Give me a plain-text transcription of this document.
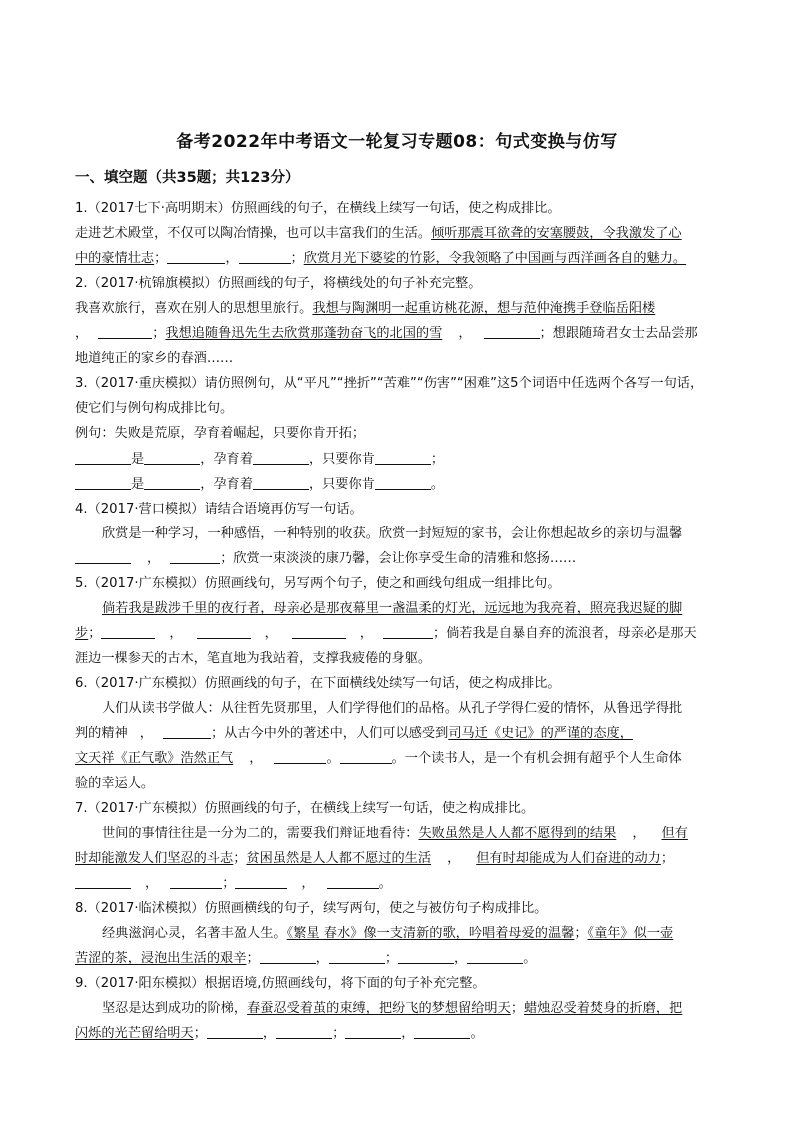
备考2022年中考语文一轮复习专题08：句式变换与仿写
一、填空题（共35题；共123分）
1.（2017七下·高明期末）仿照画线的句子，在横线上续写一句话，使之构成排比。
走进艺术殿堂，不仅可以陶冶情操，也可以丰富我们的生活。倾听那震耳欲聋的安塞腰鼓，令我激发了心
中的豪情壮志；	，	；欣赏月光下婆娑的竹影，令我领略了中国画与西洋画各自的魅力。
2.（2017·杭锦旗模拟）仿照画线的句子，将横线处的句子补充完整。
我喜欢旅行，喜欢在别人的思想里旅行。我想与陶渊明一起重访桃花源，想与范仲淹携手登临岳阳楼
，	；我想追随鲁迅先生去欣赏那蓬勃奋飞的北国的雪 ，	；想跟随琦君女士去品尝那
地道纯正的家乡的春酒……
3.（2017·重庆模拟）请仿照例句，从“平凡”“挫折”“苦难”“伤害”“困难”这5个词语中任选两个各写一句话，
使它们与例句构成排比句。
例句：失败是荒原，孕育着崛起，只要你肯开拓；
是	，孕育着	，只要你肯	；
是	，孕育着	，只要你肯	。
4.（2017·营口模拟）请结合语境再仿写一句话。
欣赏是一种学习，一种感悟，一种特别的收获。欣赏一封短短的家书，会让你想起故乡的亲切与温馨
，	；欣赏一束淡淡的康乃馨，会让你享受生命的清雅和悠扬……
5.（2017·广东模拟）仿照画线句，另写两个句子，使之和画线句组成一组排比句。
倘若我是跋涉千里的夜行者，母亲必是那夜幕里一盏温柔的灯光，远远地为我亮着，照亮我迟疑的脚
步；	，	，	，	；倘若我是自暴自弃的流浪者，母亲必是那天
涯边一棵参天的古木，笔直地为我站着，支撑我疲倦的身躯。
6.（2017·广东模拟）仿照画线的句子，在下面横线处续写一句话，使之构成排比。
人们从读书学做人：从往哲先贤那里，人们学得他们的品格。从孔子学得仁爱的情怀，从鲁迅学得批
判的精神 ，	；从古今中外的著述中，人们可以感受到司马迁《史记》的严谨的态度，
文天祥《正气歌》浩然正气 ，	。	。一个读书人，是一个有机会拥有超乎个人生命体
验的幸运人。
7.（2017·广东模拟）仿照画线的句子，在横线上续写一句话，使之构成排比。
世间的事情往往是一分为二的，需要我们辩证地看待：失败虽然是人人都不愿得到的结果 ， 但有
时却能激发人们坚忍的斗志；贫困虽然是人人都不愿过的生活 ， 但有时却能成为人们奋进的动力；
，	；	，	。
8.（2017·临沭模拟）仿照画横线的句子，续写两句，使之与被仿句子构成排比。
经典滋润心灵，名著丰盈人生。《繁星 春水》像一支清新的歌，吟唱着母爱的温馨；《童年》似一壶
苦涩的茶，浸泡出生活的艰辛；	，	；	，	。
9.（2017·阳东模拟）根据语境,仿照画线句，将下面的句子补充完整。
坚忍是达到成功的阶梯，春蚕忍受着茧的束缚，把纷飞的梦想留给明天；蜡烛忍受着焚身的折磨，把
闪烁的光芒留给明天；	，	；	，	。
